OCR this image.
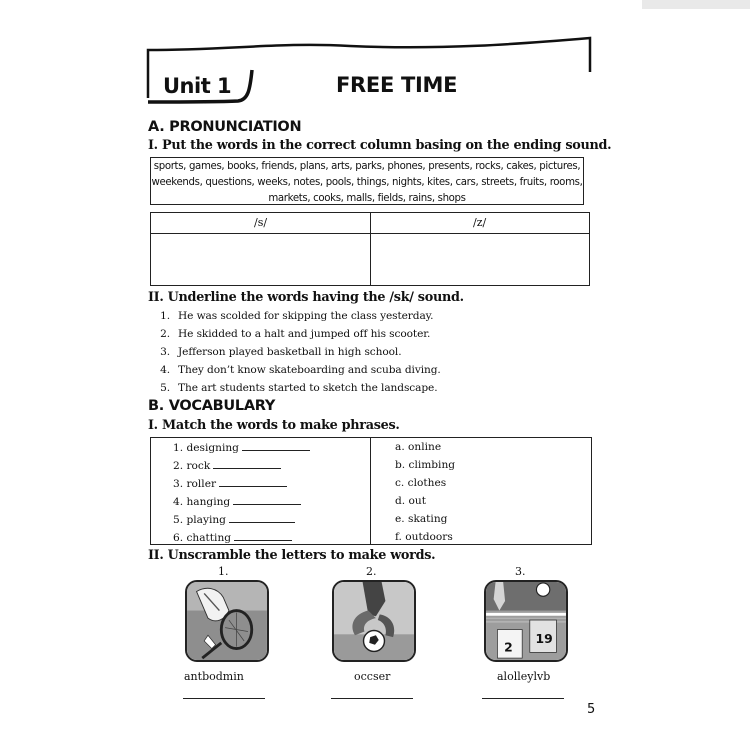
Unit 1	FREE TIME
A. PRONUNCIATION
I. Put the words in the correct column basing on the ending sound.
sports, games, books, friends, plans, arts, parks, phones, presents, rocks, cakes, pictures,
weekends, questions, weeks, notes, pools, things, nights, kites, cars, streets, fruits, rooms,
markets, cooks, malls, fields, rains, shops
/s/	/z/
II. Underline the words having the /sk/ sound.
1. He was scolded for skipping the class yesterday.
2. He skidded to a halt and jumped off his scooter.
3. Jefferson played basketball in high school.
4. They don’t know skateboarding and scuba diving.
5. The art students started to sketch the landscape.
B. VOCABULARY
I. Match the words to make phrases.
1. designing
2. rock
3. roller
4. hanging
5. playing
6. chatting
a. online
b. climbing
c. clothes
d. out
e. skating
f. outdoors
II. Unscramble the letters to make words.
1.
antbodmin
2.
occser
3.
2
19
alolleylvb
5
